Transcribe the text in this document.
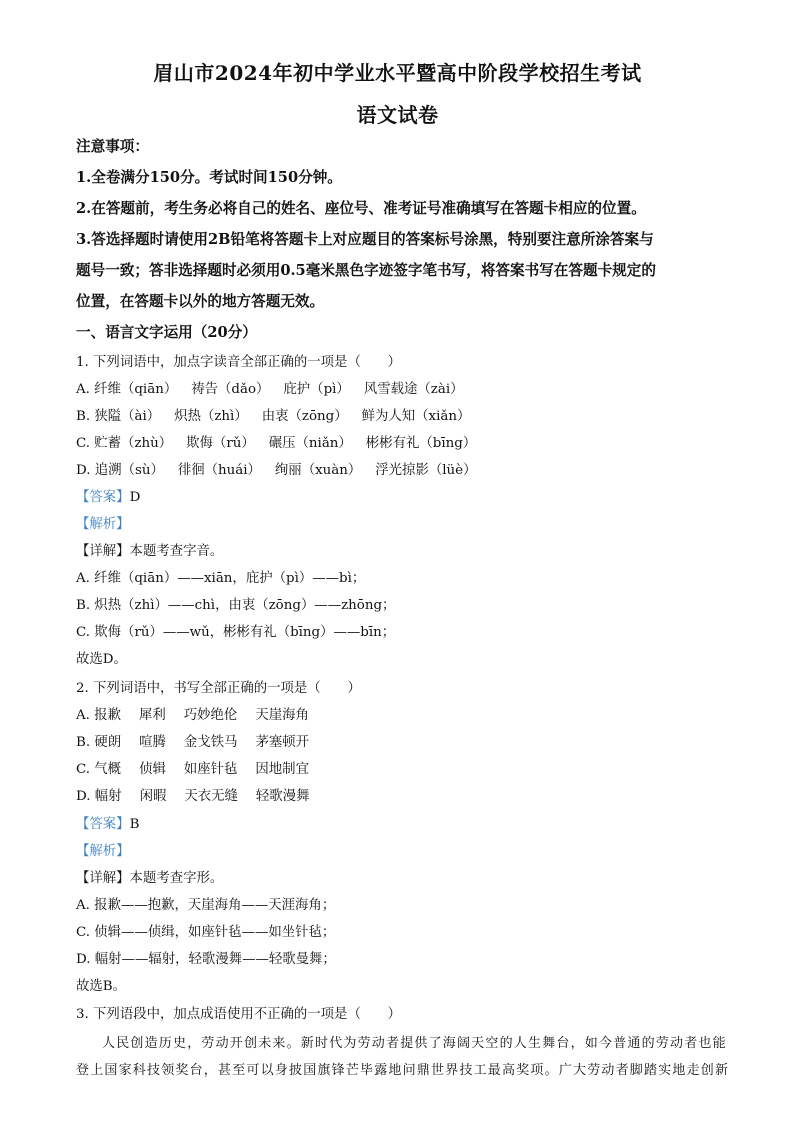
眉山市2024年初中学业水平暨高中阶段学校招生考试
语文试卷
注意事项：
1.全卷满分150分。考试时间150分钟。
2.在答题前，考生务必将自己的姓名、座位号、准考证号准确填写在答题卡相应的位置。
3.答选择题时请使用2B铅笔将答题卡上对应题目的答案标号涂黑，特别要注意所涂答案与
题号一致；答非选择题时必须用0.5毫米黑色字迹签字笔书写，将答案书写在答题卡规定的
位置，在答题卡以外的地方答题无效。
一、语言文字运用（20分）
1. 下列词语中，加点字读音全部正确的一项是（　　）
A. 纤维（qiān） 祷告（dǎo） 庇护（pì） 风雪载途（zài）
B. 狭隘（ài） 炽热（zhì） 由衷（zōng） 鲜为人知（xiǎn）
C. 贮蓄（zhù） 欺侮（rǔ） 碾压（niǎn） 彬彬有礼（bīng）
D. 追溯（sù） 徘徊（huái） 绚丽（xuàn） 浮光掠影（lüè）
【答案】D
【解析】
【详解】本题考查字音。
A. 纤维（qiān）——xiān，庇护（pì）——bì；
B. 炽热（zhì）——chì，由衷（zōng）——zhōng；
C. 欺侮（rǔ）——wǔ，彬彬有礼（bīng）——bīn；
故选D。
2. 下列词语中，书写全部正确的一项是（　　）
A. 报歉 犀利 巧妙绝伦 天崖海角
B. 硬朗 喧腾 金戈铁马 茅塞顿开
C. 气概 侦辑 如座针毡 因地制宜
D. 幅射 闲暇 天衣无缝 轻歌漫舞
【答案】B
【解析】
【详解】本题考查字形。
A. 报歉——抱歉，天崖海角——天涯海角；
C. 侦辑——侦缉，如座针毡——如坐针毡；
D. 幅射——辐射，轻歌漫舞——轻歌曼舞；
故选B。
3. 下列语段中，加点成语使用不正确的一项是（　　）
人民创造历史，劳动开创未来。新时代为劳动者提供了海阔天空的人生舞台，如今普通的劳动者也能
登上国家科技领奖台，甚至可以身披国旗锋芒毕露地问鼎世界技工最高奖项。广大劳动者脚踏实地走创新
